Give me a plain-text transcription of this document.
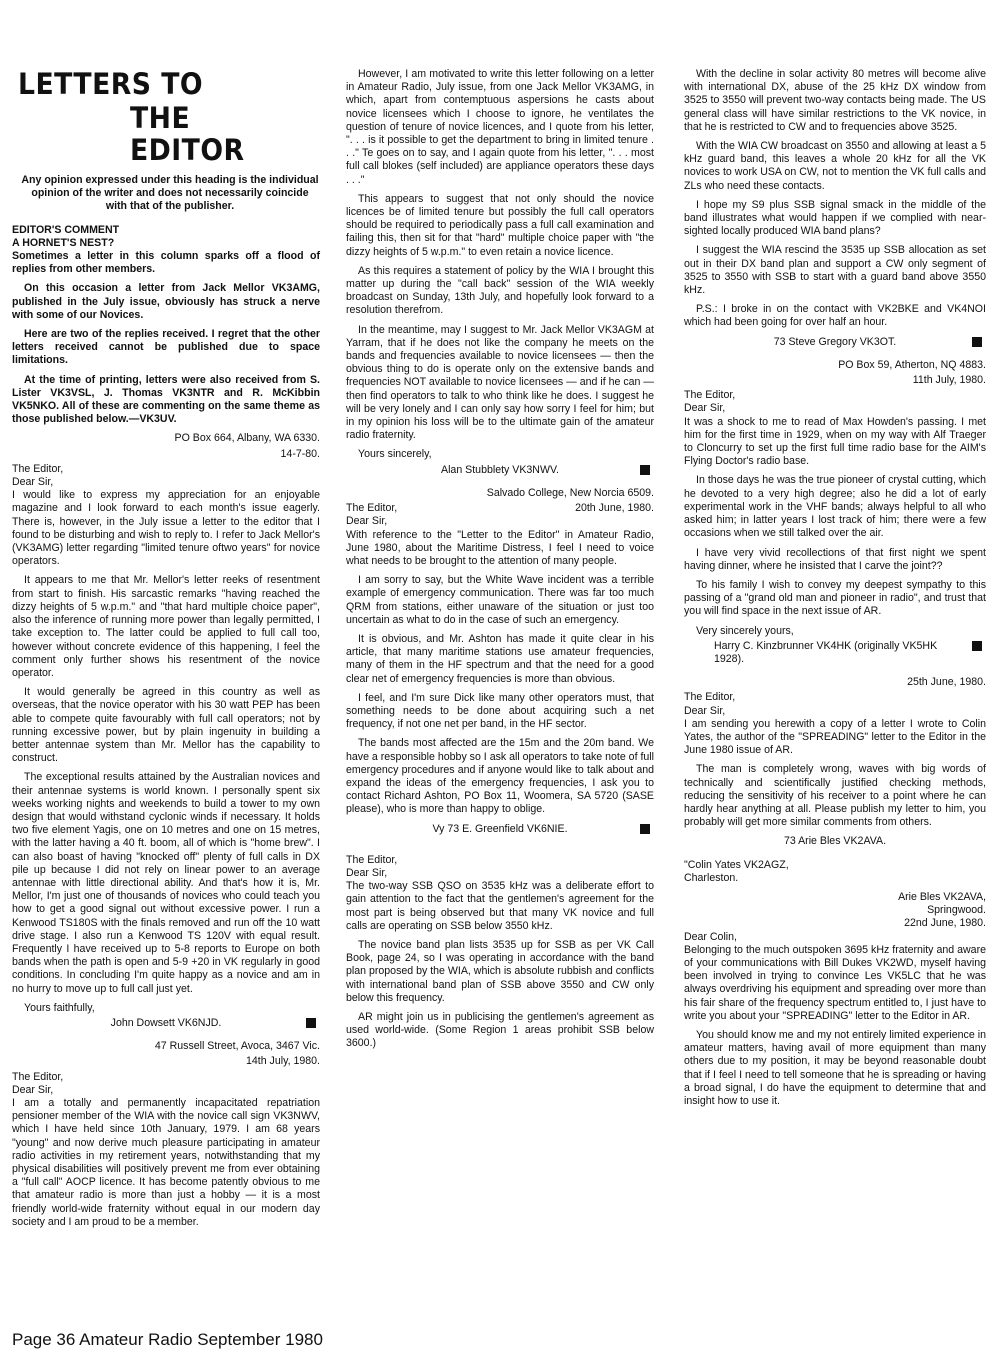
LETTERS TO
THE EDITOR
Any opinion expressed under this heading is the individual opinion of the writer and does not necessarily coincide with that of the publisher.
EDITOR'S COMMENT
A HORNET'S NEST?

Sometimes a letter in this column sparks off a flood of replies from other members.

On this occasion a letter from Jack Mellor VK3AMG, published in the July issue, obviously has struck a nerve with some of our Novices.

Here are two of the replies received. I regret that the other letters received cannot be published due to space limitations.

At the time of printing, letters were also received from S. Lister VK3VSL, J. Thomas VK3NTR and R. McKibbin VK5NKO. All of these are commenting on the same theme as those published below.—VK3UV.

PO Box 664, Albany, WA 6330.
14-7-80.
The Editor,
Dear Sir,

I would like to express my appreciation for an enjoyable magazine and I look forward to each month's issue eagerly. There is, however, in the July issue a letter to the editor that I found to be disturbing and wish to reply to. I refer to Jack Mellor's (VK3AMG) letter regarding "limited tenure oftwo years" for novice operators.

It appears to me that Mr. Mellor's letter reeks of resentment from start to finish. His sarcastic remarks "having reached the dizzy heights of 5 w.p.m." and "that hard multiple choice paper", also the inference of running more power than legally permitted, I take exception to. The latter could be applied to full call too, however without concrete evidence of this happening, I feel the comment only further shows his resentment of the novice operator.

It would generally be agreed in this country as well as overseas, that the novice operator with his 30 watt PEP has been able to compete quite favourably with full call operators; not by running excessive power, but by plain ingenuity in building a better antennae system than Mr. Mellor has the capability to construct.

The exceptional results attained by the Australian novices and their antennae systems is world known. I personally spent six weeks working nights and weekends to build a tower to my own design that would withstand cyclonic winds if necessary. It holds two five element Yagis, one on 10 metres and one on 15 metres, with the latter having a 40 ft. boom, all of which is "home brew". I can also boast of having "knocked off" plenty of full calls in DX pile up because I did not rely on linear power to an average antennae with little directional ability. And that's how it is, Mr. Mellor, I'm just one of thousands of novices who could teach you how to get a good signal out without excessive power. I run a Kenwood TS180S with the finals removed and run off the 10 watt drive stage. I also run a Kenwood TS 120V with equal result. Frequently I have received up to 5-8 reports to Europe on both bands when the path is open and 5-9 +20 in VK regularly in good conditions. In concluding I'm quite happy as a novice and am in no hurry to move up to full call just yet.

Yours faithfully,
John Dowsett VK6NJD.
47 Russell Street, Avoca, 3467 Vic.
14th July, 1980.
The Editor,
Dear Sir,

I am a totally and permanently incapacitated repatriation pensioner member of the WIA with the novice call sign VK3NWV, which I have held since 10th January, 1979. I am 68 years "young" and now derive much pleasure participating in amateur radio activities in my retirement years, notwithstanding that my physical disabilities will positively prevent me from ever obtaining a "full call" AOCP licence. It has become patently obvious to me that amateur radio is more than just a hobby — it is a most friendly world-wide fraternity without equal in our modern day society and I am proud to be a member.

However, I am motivated to write this letter following on a letter in Amateur Radio, July issue, from one Jack Mellor VK3AMG, in which, apart from contemptuous aspersions he casts about novice licensees which I choose to ignore, he ventilates the question of tenure of novice licences, and I quote from his letter, ". . . is it possible to get the department to bring in limited tenure . . ." Te goes on to say, and I again quote from his letter, ". . . most full call blokes (self included) are appliance operators these days . . ."

This appears to suggest that not only should the novice licences be of limited tenure but possibly the full call operators should be required to periodically pass a full call examination and failing this, then sit for that "hard" multiple choice paper with "the dizzy heights of 5 w.p.m." to even retain a novice licence.

As this requires a statement of policy by the WIA I brought this matter up during the "call back" session of the WIA weekly broadcast on Sunday, 13th July, and hopefully look forward to a resolution therefrom.

In the meantime, may I suggest to Mr. Jack Mellor VK3AGM at Yarram, that if he does not like the company he meets on the bands and frequencies available to novice licensees — then the obvious thing to do is operate only on the extensive bands and frequencies NOT available to novice licensees — and if he can — then find operators to talk to who think like he does. I suggest he will be very lonely and I can only say how sorry I feel for him; but in my opinion his loss will be to the ultimate gain of the amateur radio fraternity.

Yours sincerely,
Alan Stubblety VK3NWV.
Salvado College, New Norcia 6509.
The Editor,	20th June, 1980.
Dear Sir,

With reference to the "Letter to the Editor" in Amateur Radio, June 1980, about the Maritime Distress, I feel I need to voice what needs to be brought to the attention of many people.

I am sorry to say, but the White Wave incident was a terrible example of emergency communication. There was far too much QRM from stations, either unaware of the situation or just too uncertain as what to do in the case of such an emergency.

It is obvious, and Mr. Ashton has made it quite clear in his article, that many maritime stations use amateur frequencies, many of them in the HF spectrum and that the need for a good clear net of emergency frequencies is more than obvious.

I feel, and I'm sure Dick like many other operators must, that something needs to be done about acquiring such a net frequency, if not one net per band, in the HF sector.

The bands most affected are the 15m and the 20m band. We have a responsible hobby so I ask all operators to take note of full emergency procedures and if anyone would like to talk about and expand the ideas of the emergency frequencies, I ask you to contact Richard Ashton, PO Box 11, Woomera, SA 5720 (SASE please), who is more than happy to oblige.

Vy 73 E. Greenfield VK6NIE.
The Editor,
Dear Sir,

The two-way SSB QSO on 3535 kHz was a deliberate effort to gain attention to the fact that the gentlemen's agreement for the most part is being observed but that many VK novice and full calls are operating on SSB below 3550 kHz.

The novice band plan lists 3535 up for SSB as per VK Call Book, page 24, so I was operating in accordance with the band plan proposed by the WIA, which is absolute rubbish and conflicts with international band plan of SSB above 3550 and CW only below this frequency.

AR might join us in publicising the gentlemen's agreement as used world-wide. (Some Region 1 areas prohibit SSB below 3600.)

With the decline in solar activity 80 metres will become alive with international DX, abuse of the 25 kHz DX window from 3525 to 3550 will prevent two-way contacts being made. The US general class will have similar restrictions to the VK novice, in that he is restricted to CW and to frequencies above 3525.

With the WIA CW broadcast on 3550 and allowing at least a 5 kHz guard band, this leaves a whole 20 kHz for all the VK novices to work USA on CW, not to mention the VK full calls and ZLs who need these contacts.

I hope my S9 plus SSB signal smack in the middle of the band illustrates what would happen if we complied with near-sighted locally produced WIA band plans?

I suggest the WIA rescind the 3535 up SSB allocation as set out in their DX band plan and support a CW only segment of 3525 to 3550 with SSB to start with a guard band above 3550 kHz.

P.S.: I broke in on the contact with VK2BKE and VK4NOI which had been going for over half an hour.

73 Steve Gregory VK3OT.
PO Box 59, Atherton, NQ 4883.
11th July, 1980.
The Editor,
Dear Sir,

It was a shock to me to read of Max Howden's passing. I met him for the first time in 1929, when on my way with Alf Traeger to Cloncurry to set up the first full time radio base for the AIM's Flying Doctor's radio base.

In those days he was the true pioneer of crystal cutting, which he devoted to a very high degree; also he did a lot of early experimental work in the VHF bands; always helpful to all who asked him; in latter years I lost track of him; there were a few occasions when we still talked over the air.

I have very vivid recollections of that first night we spent having dinner, where he insisted that I carve the joint??

To his family I wish to convey my deepest sympathy to this passing of a "grand old man and pioneer in radio", and trust that you will find space in the next issue of AR.

Very sincerely yours,
Harry C. Kinzbrunner VK4HK (originally VK5HK 1928).
25th June, 1980.
The Editor,
Dear Sir,

I am sending you herewith a copy of a letter I wrote to Colin Yates, the author of the "SPREADING" letter to the Editor in the June 1980 issue of AR.

The man is completely wrong, waves with big words of technically and scientifically justified checking methods, reducing the sensitivity of his receiver to a point where he can hardly hear anything at all. Please publish my letter to him, you probably will get more similar comments from others.

73 Arie Bles VK2AVA.
"Colin Yates VK2AGZ,
Charleston.
Arie Bles VK2AVA,
Springwood.
22nd June, 1980.
Dear Colin,

Belonging to the much outspoken 3695 kHz fraternity and aware of your communications with Bill Dukes VK2WD, myself having been involved in trying to convince Les VK5LC that he was always overdriving his equipment and spreading over more than his fair share of the frequency spectrum entitled to, I just have to write you about your "SPREADING" letter to the Editor in AR.

You should know me and my not entirely limited experience in amateur matters, having avail of more equipment than many others due to my position, it may be beyond reasonable doubt that if I feel I need to tell someone that he is spreading or having a broad signal, I do have the equipment to determine that and insight how to use it.

Page 36 Amateur Radio September 1980
